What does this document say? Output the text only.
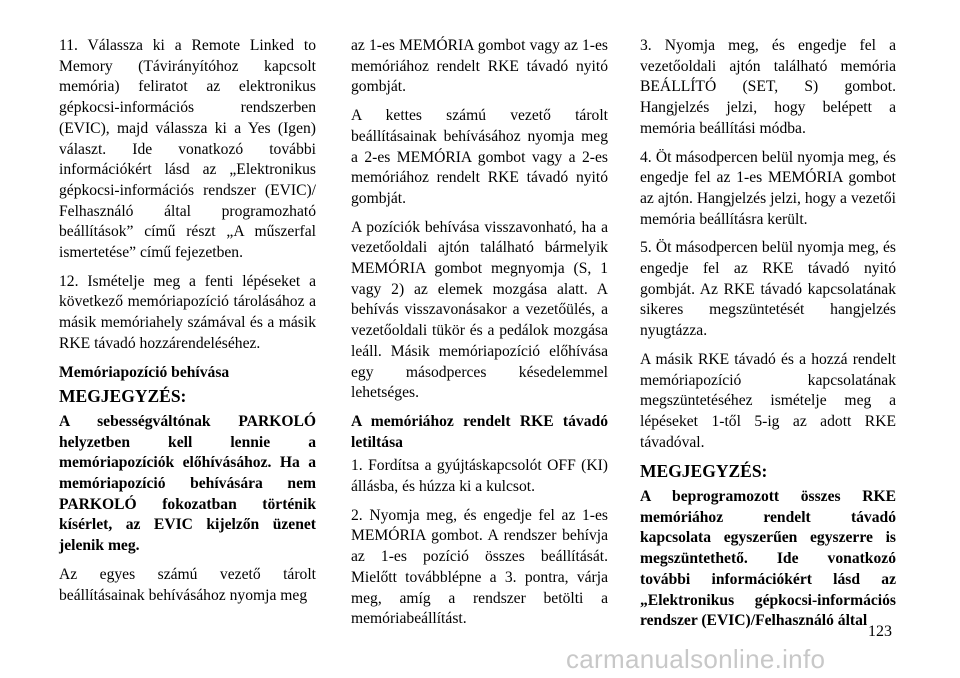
11. Válassza ki a Remote Linked to Memory (Távirányítóhoz kapcsolt memória) feliratot az elektronikus gépkocsi-információs rendszerben (EVIC), majd válassza ki a Yes (Igen) választ. Ide vonatkozó további információkért lásd az „Elektronikus gépkocsi-információs rendszer (EVIC)/ Felhasználó által programozható beállítások” című részt „A műszerfal ismertetése” című fejezetben.

12. Ismételje meg a fenti lépéseket a következő memóriapozíció tárolásához a másik memóriahely számával és a másik RKE távadó hozzárendeléséhez.

Memóriapozíció behívása

MEGJEGYZÉS:

A sebességváltónak PARKOLÓ helyzetben kell lennie a memóriapozíciók előhívásához. Ha a memóriapozíció behívására nem PARKOLÓ fokozatban történik kísérlet, az EVIC kijelzőn üzenet jelenik meg.

Az egyes számú vezető tárolt beállításainak behívásához nyomja meg

az 1-es MEMÓRIA gombot vagy az 1-es memóriához rendelt RKE távadó nyitó gombját.

A kettes számú vezető tárolt beállításainak behívásához nyomja meg a 2-es MEMÓRIA gombot vagy a 2-es memóriához rendelt RKE távadó nyitó gombját.

A pozíciók behívása visszavonható, ha a vezetőoldali ajtón található bármelyik MEMÓRIA gombot megnyomja (S, 1 vagy 2) az elemek mozgása alatt. A behívás visszavonásakor a vezetőülés, a vezetőoldali tükör és a pedálok mozgása leáll. Másik memóriapozíció előhívása egy másodperces késedelemmel lehetséges.

A memóriához rendelt RKE távadó letiltása

1. Fordítsa a gyújtáskapcsolót OFF (KI) állásba, és húzza ki a kulcsot.

2. Nyomja meg, és engedje fel az 1-es MEMÓRIA gombot. A rendszer behívja az 1-es pozíció összes beállítását. Mielőtt továbblépne a 3. pontra, várja meg, amíg a rendszer betölti a memóriabeállítást.

3. Nyomja meg, és engedje fel a vezetőoldali ajtón található memória BEÁLLÍTÓ (SET, S) gombot. Hangjelzés jelzi, hogy belépett a memória beállítási módba.

4. Öt másodpercen belül nyomja meg, és engedje fel az 1-es MEMÓRIA gombot az ajtón. Hangjelzés jelzi, hogy a vezetői memória beállításra került.

5. Öt másodpercen belül nyomja meg, és engedje fel az RKE távadó nyitó gombját. Az RKE távadó kapcsolatának sikeres megszüntetését hangjelzés nyugtázza.

A másik RKE távadó és a hozzá rendelt memóriapozíció kapcsolatának megszüntetéséhez ismételje meg a lépéseket 1-től 5-ig az adott RKE távadóval.

MEGJEGYZÉS:

A beprogramozott összes RKE memóriához rendelt távadó kapcsolata egyszerűen egyszerre is megszüntethető. Ide vonatkozó további információkért lásd az „Elektronikus gépkocsi-információs rendszer (EVIC)/Felhasználó által

123
carmanualsonline.info
